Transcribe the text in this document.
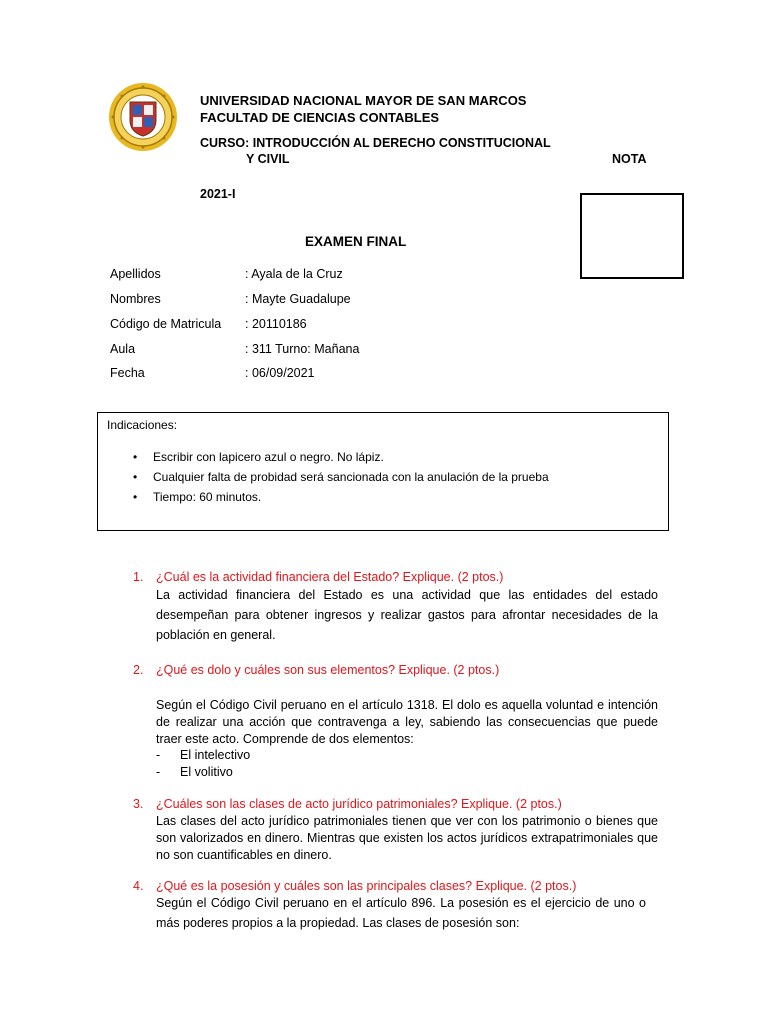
UNIVERSIDAD NACIONAL MAYOR DE SAN MARCOS
FACULTAD DE CIENCIAS CONTABLES
CURSO: INTRODUCCIÓN AL DERECHO CONSTITUCIONAL
Y CIVIL	NOTA
2021-I
EXAMEN FINAL
Apellidos	: Ayala de la Cruz
Nombres	: Mayte Guadalupe
Código de Matricula : 20110186
Aula	: 311 Turno: Mañana
Fecha	: 06/09/2021
Indicaciones:
• Escribir con lapicero azul o negro. No lápiz.
• Cualquier falta de probidad será sancionada con la anulación de la prueba
• Tiempo: 60 minutos.
1. ¿Cuál es la actividad financiera del Estado? Explique. (2 ptos.)
La actividad financiera del Estado es una actividad que las entidades del estado desempeñan para obtener ingresos y realizar gastos para afrontar necesidades de la población en general.
2. ¿Qué es dolo y cuáles son sus elementos? Explique. (2 ptos.)
Según el Código Civil peruano en el artículo 1318. El dolo es aquella voluntad e intención de realizar una acción que contravenga a ley, sabiendo las consecuencias que puede traer este acto. Comprende de dos elementos:
- El intelectivo
- El volitivo
3. ¿Cuáles son las clases de acto jurídico patrimoniales? Explique. (2 ptos.)
Las clases del acto jurídico patrimoniales tienen que ver con los patrimonio o bienes que son valorizados en dinero. Mientras que existen los actos jurídicos extrapatrimoniales que no son cuantificables en dinero.
4. ¿Qué es la posesión y cuáles son las principales clases? Explique. (2 ptos.)
Según el Código Civil peruano en el artículo 896. La posesión es el ejercicio de uno o más poderes propios a la propiedad. Las clases de posesión son:
